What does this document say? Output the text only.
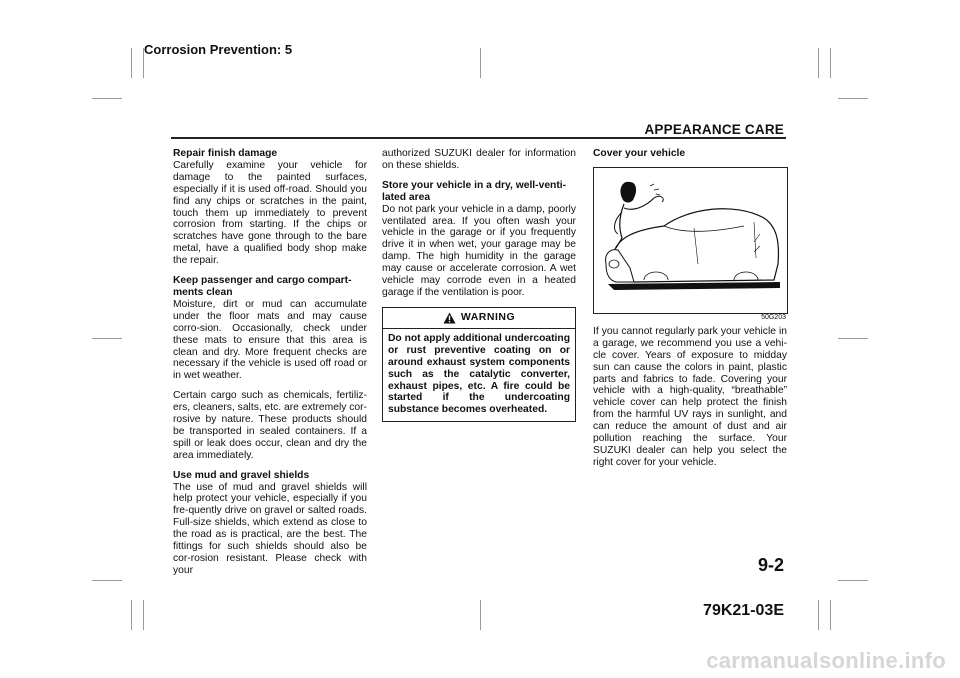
Corrosion Prevention: 5
APPEARANCE CARE
Repair finish damage

Carefully examine your vehicle for damage to the painted surfaces, especially if it is used off-road. Should you find any chips or scratches in the paint, touch them up immediately to prevent corrosion from starting. If the chips or scratches have gone through to the bare metal, have a qualified body shop make the repair.

Keep passenger and cargo compart-ments clean

Moisture, dirt or mud can accumulate under the floor mats and may cause corro-sion. Occasionally, check under these mats to ensure that this area is clean and dry. More frequent checks are necessary if the vehicle is used off road or in wet weather.

Certain cargo such as chemicals, fertiliz-ers, cleaners, salts, etc. are extremely cor-rosive by nature. These products should be transported in sealed containers. If a spill or leak does occur, clean and dry the area immediately.

Use mud and gravel shields

The use of mud and gravel shields will help protect your vehicle, especially if you fre-quently drive on gravel or salted roads. Full-size shields, which extend as close to the road as is practical, are the best. The fittings for such shields should also be cor-rosion resistant. Please check with your

authorized SUZUKI dealer for information on these shields.

Store your vehicle in a dry, well-venti-lated area

Do not park your vehicle in a damp, poorly ventilated area. If you often wash your vehicle in the garage or if you frequently drive it in when wet, your garage may be damp. The high humidity in the garage may cause or accelerate corrosion. A wet vehicle may corrode even in a heated garage if the ventilation is poor.

WARNING
Do not apply additional undercoating or rust preventive coating on or around exhaust system components such as the catalytic converter, exhaust pipes, etc. A fire could be started if the undercoating substance becomes overheated.
Cover your vehicle

If you cannot regularly park your vehicle in a garage, we recommend you use a vehi-cle cover. Years of exposure to midday sun can cause the colors in paint, plastic parts and fabrics to fade. Covering your vehicle with a high-quality, “breathable” vehicle cover can help protect the finish from the harmful UV rays in sunlight, and can reduce the amount of dust and air pollution reaching the surface. Your SUZUKI dealer can help you select the right cover for your vehicle.

50G203
9-2
79K21-03E
carmanualsonline.info
